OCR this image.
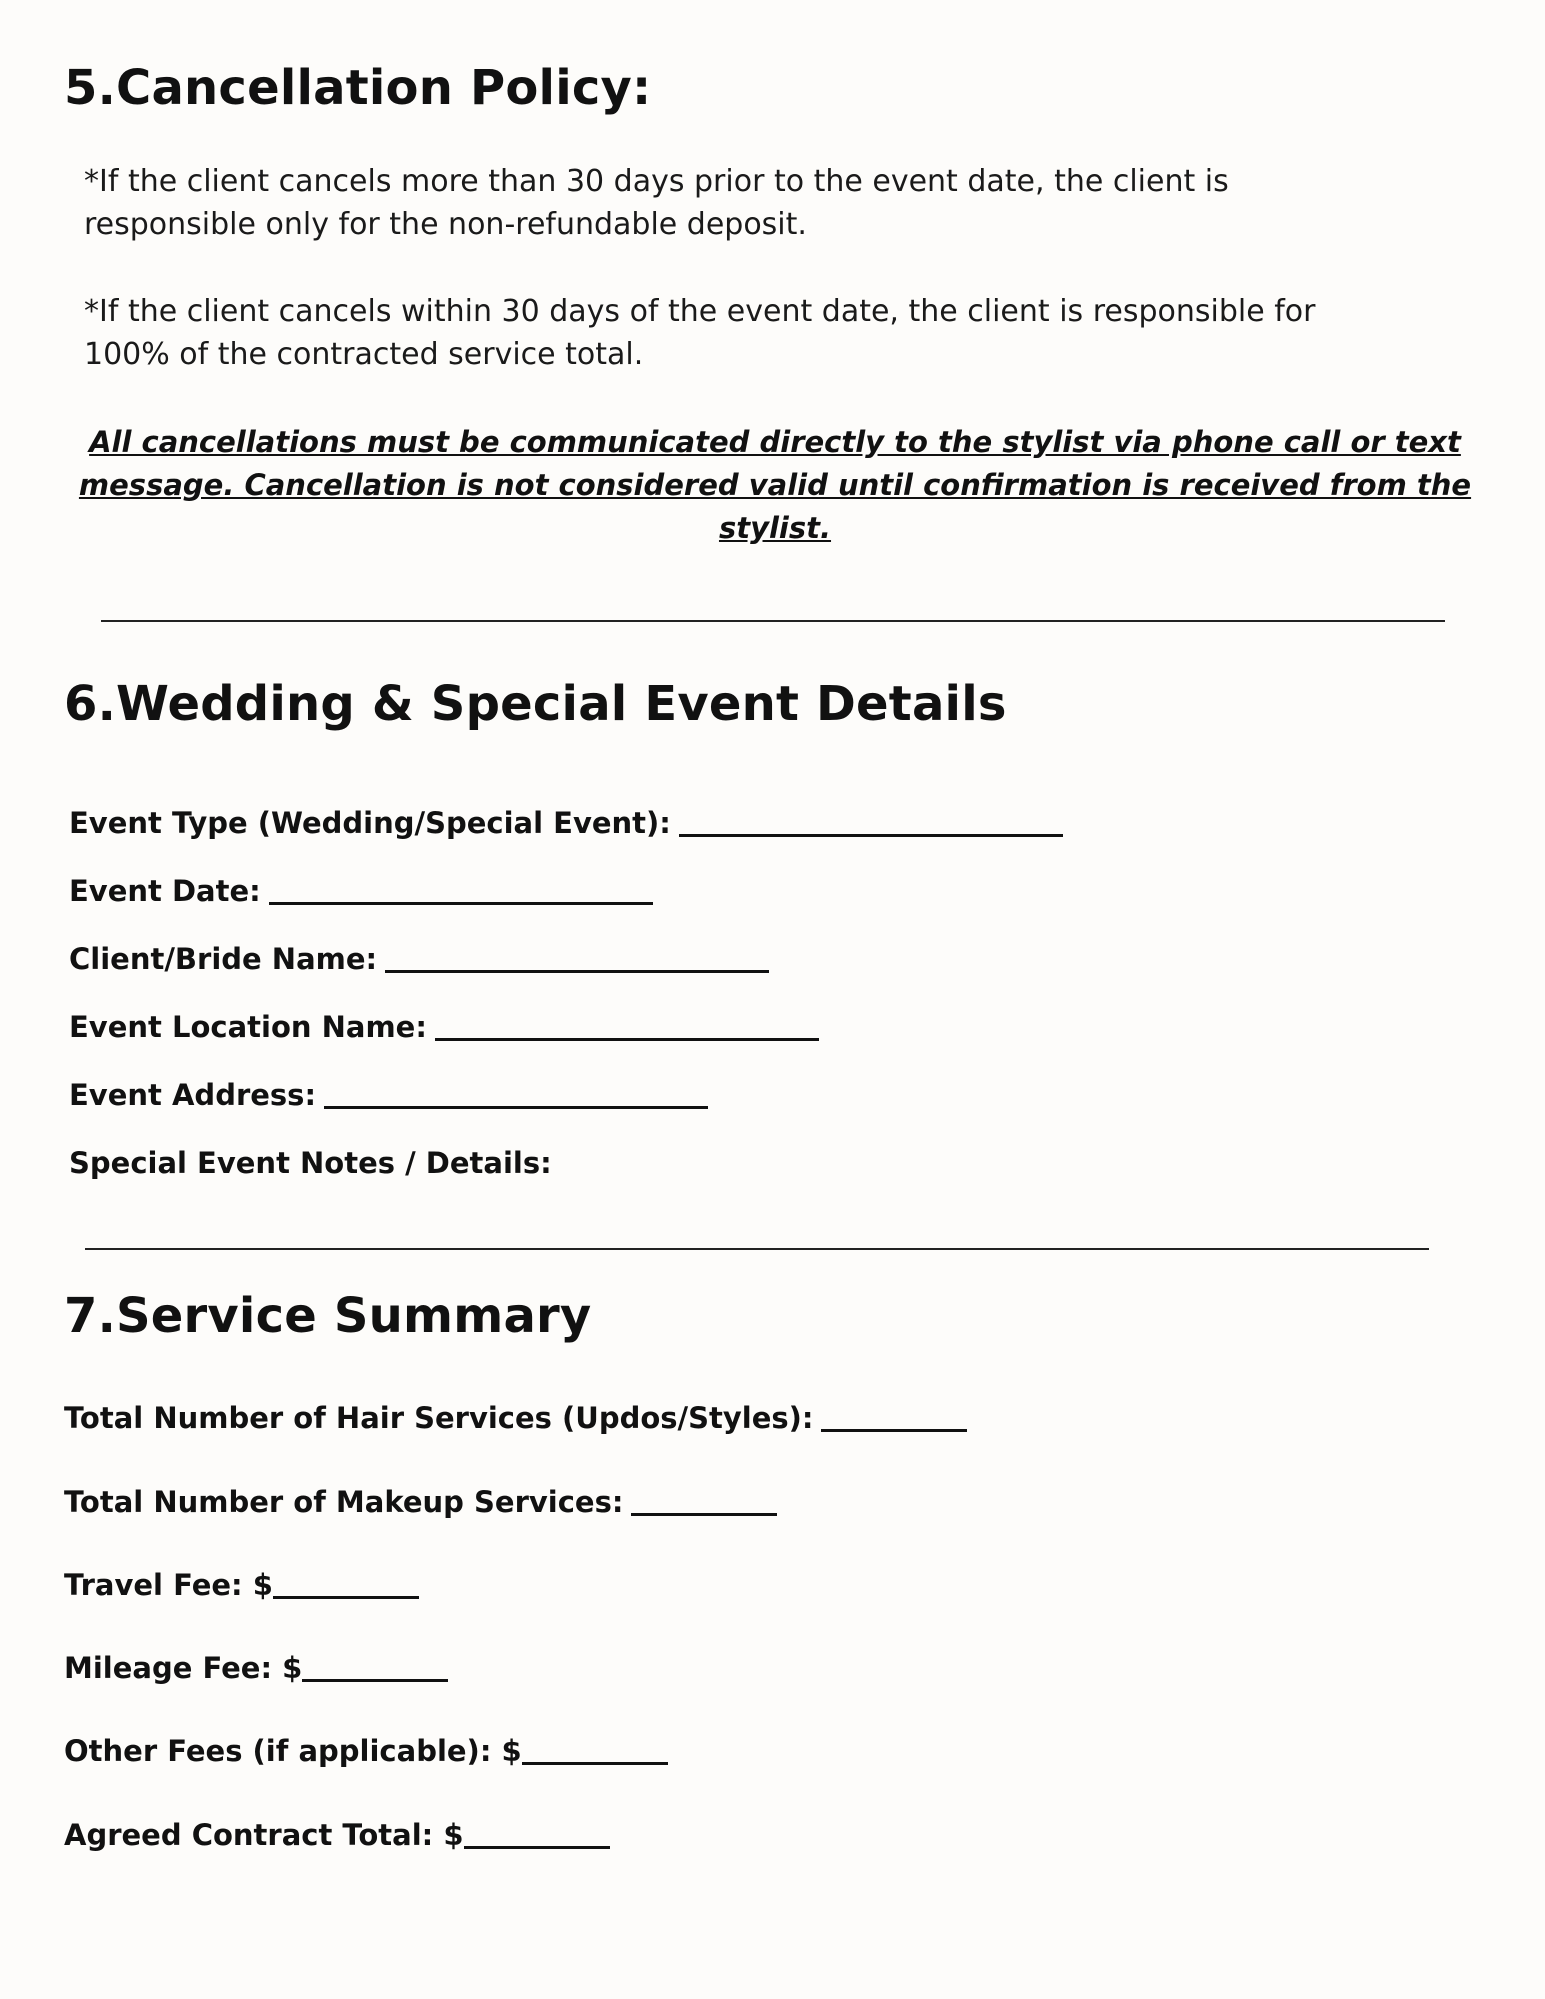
5.Cancellation Policy:

*If the client cancels more than 30 days prior to the event date, the client is responsible only for the non-refundable deposit.

*If the client cancels within 30 days of the event date, the client is responsible for 100% of the contracted service total.

All cancellations must be communicated directly to the stylist via phone call or text message. Cancellation is not considered valid until confirmation is received from the stylist.

6.Wedding & Special Event Details
Event Type (Wedding/Special Event):
Event Date:
Client/Bride Name:
Event Location Name:
Event Address:
Special Event Notes / Details:
7.Service Summary
Total Number of Hair Services (Updos/Styles):
Total Number of Makeup Services:
Travel Fee: $
Mileage Fee: $
Other Fees (if applicable): $
Agreed Contract Total: $
